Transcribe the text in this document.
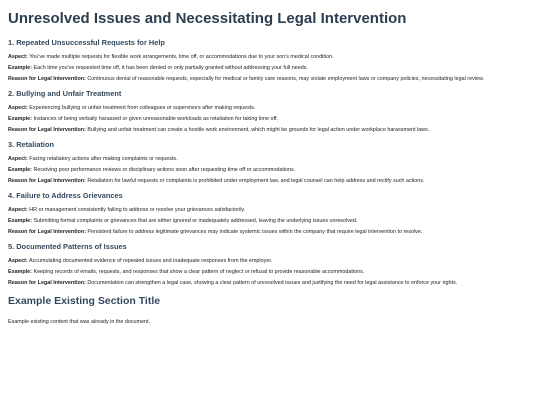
Unresolved Issues and Necessitating Legal Intervention
1. Repeated Unsuccessful Requests for Help
Aspect: You've made multiple requests for flexible work arrangements, time off, or accommodations due to your son's medical condition.
Example: Each time you've requested time off, it has been denied or only partially granted without addressing your full needs.
Reason for Legal Intervention: Continuous denial of reasonable requests, especially for medical or family care reasons, may violate employment laws or company policies, necessitating legal review.
2. Bullying and Unfair Treatment
Aspect: Experiencing bullying or unfair treatment from colleagues or supervisors after making requests.
Example: Instances of being verbally harassed or given unreasonable workloads as retaliation for taking time off.
Reason for Legal Intervention: Bullying and unfair treatment can create a hostile work environment, which might be grounds for legal action under workplace harassment laws.
3. Retaliation
Aspect: Facing retaliatory actions after making complaints or requests.
Example: Receiving poor performance reviews or disciplinary actions soon after requesting time off or accommodations.
Reason for Legal Intervention: Retaliation for lawful requests or complaints is prohibited under employment law, and legal counsel can help address and rectify such actions.
4. Failure to Address Grievances
Aspect: HR or management consistently failing to address or resolve your grievances satisfactorily.
Example: Submitting formal complaints or grievances that are either ignored or inadequately addressed, leaving the underlying issues unresolved.
Reason for Legal Intervention: Persistent failure to address legitimate grievances may indicate systemic issues within the company that require legal intervention to resolve.
5. Documented Patterns of Issues
Aspect: Accumulating documented evidence of repeated issues and inadequate responses from the employer.
Example: Keeping records of emails, requests, and responses that show a clear pattern of neglect or refusal to provide reasonable accommodations.
Reason for Legal Intervention: Documentation can strengthen a legal case, showing a clear pattern of unresolved issues and justifying the need for legal assistance to enforce your rights.
Example Existing Section Title
Example existing content that was already in the document.
